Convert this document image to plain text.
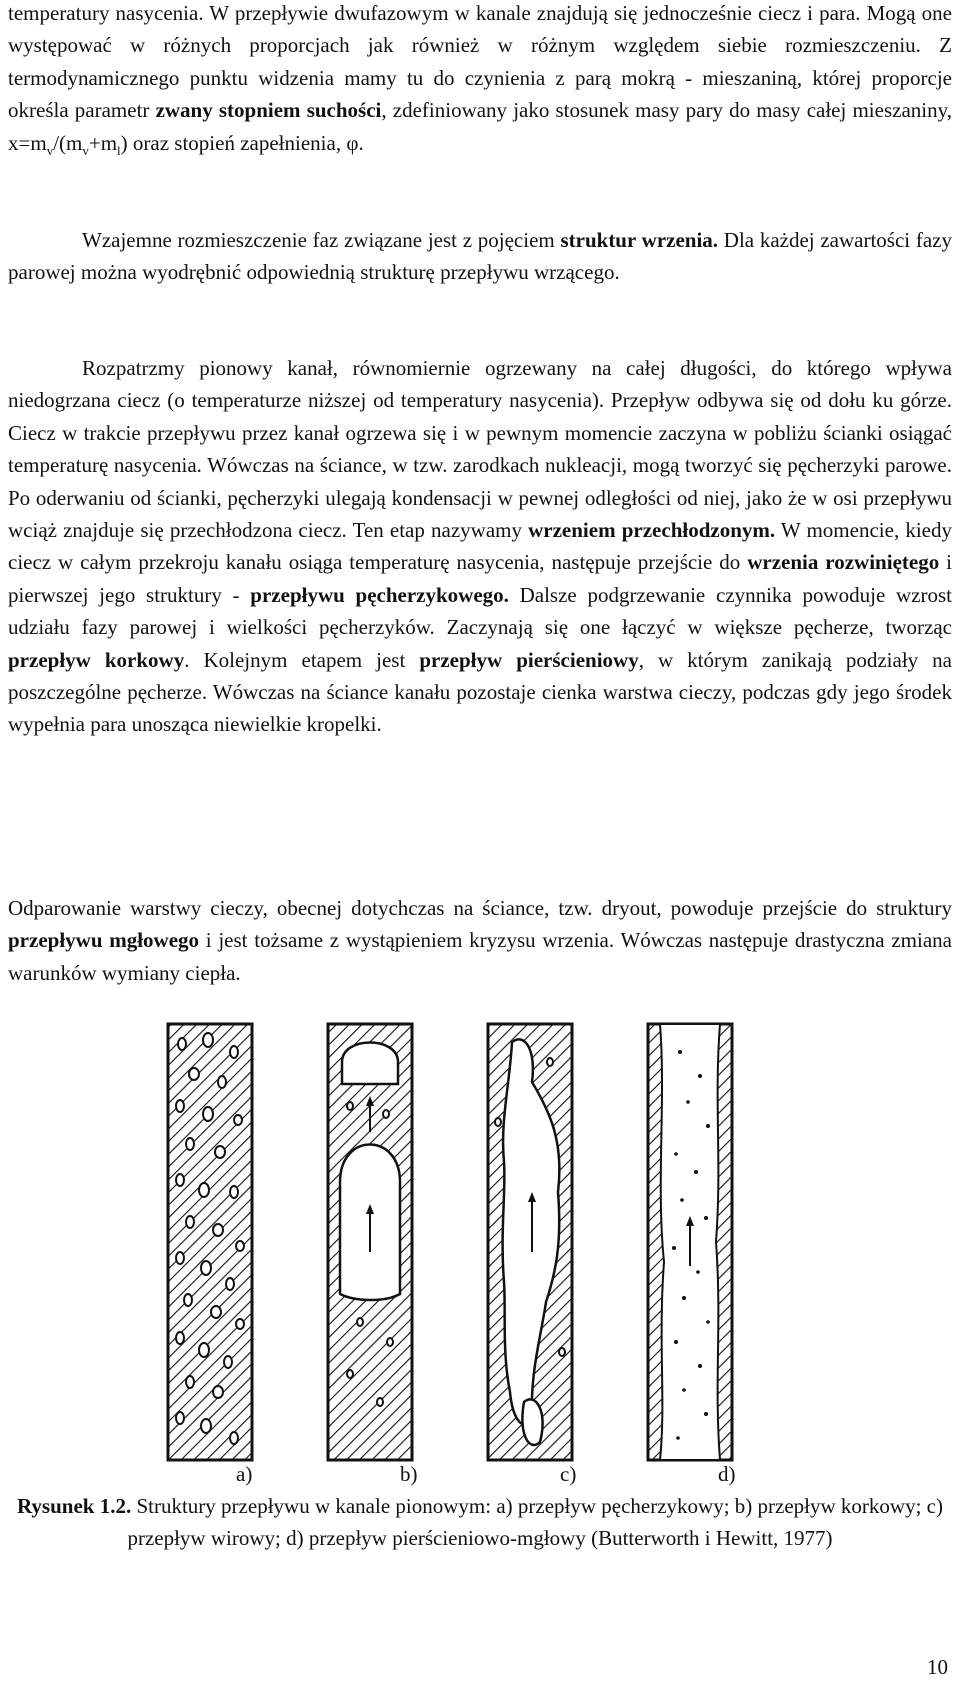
temperatury nasycenia. W przepływie dwufazowym w kanale znajdują się jednocześnie ciecz i para. Mogą one występować w różnych proporcjach jak również w różnym względem siebie rozmieszczeniu. Z termodynamicznego punktu widzenia mamy tu do czynienia z parą mokrą - mieszaniną, której proporcje określa parametr zwany stopniem suchości, zdefiniowany jako stosunek masy pary do masy całej mieszaniny, $x=m_v/(m_v+m_l)$ oraz stopień zapełnienia, φ.

Wzajemne rozmieszczenie faz związane jest z pojęciem struktur wrzenia. Dla każdej zawartości fazy parowej można wyodrębnić odpowiednią strukturę przepływu wrzącego.

Rozpatrzmy pionowy kanał, równomiernie ogrzewany na całej długości, do którego wpływa niedogrzana ciecz (o temperaturze niższej od temperatury nasycenia). Przepływ odbywa się od dołu ku górze. Ciecz w trakcie przepływu przez kanał ogrzewa się i w pewnym momencie zaczyna w pobliżu ścianki osiągać temperaturę nasycenia. Wówczas na ściance, w tzw. zarodkach nukleacji, mogą tworzyć się pęcherzyki parowe. Po oderwaniu od ścianki, pęcherzyki ulegają kondensacji w pewnej odległości od niej, jako że w osi przepływu wciąż znajduje się przechłodzona ciecz. Ten etap nazywamy wrzeniem przechłodzonym. W momencie, kiedy ciecz w całym przekroju kanału osiąga temperaturę nasycenia, następuje przejście do wrzenia rozwiniętego i pierwszej jego struktury - przepływu pęcherzykowego. Dalsze podgrzewanie czynnika powoduje wzrost udziału fazy parowej i wielkości pęcherzyków. Zaczynają się one łączyć w większe pęcherze, tworząc przepływ korkowy. Kolejnym etapem jest przepływ pierścieniowy, w którym zanikają podziały na poszczególne pęcherze. Wówczas na ściance kanału pozostaje cienka warstwa cieczy, podczas gdy jego środek wypełnia para unosząca niewielkie kropelki.

Odparowanie warstwy cieczy, obecnej dotychczas na ściance, tzw. dryout, powoduje przejście do struktury przepływu mgłowego i jest tożsame z wystąpieniem kryzysu wrzenia. Wówczas następuje drastyczna zmiana warunków wymiany ciepła.

a)	b)	c)	d)

Rysunek 1.2. Struktury przepływu w kanale pionowym: a) przepływ pęcherzykowy; b) przepływ korkowy; c) przepływ wirowy; d) przepływ pierścieniowo-mgłowy (Butterworth i Hewitt, 1977)

10
